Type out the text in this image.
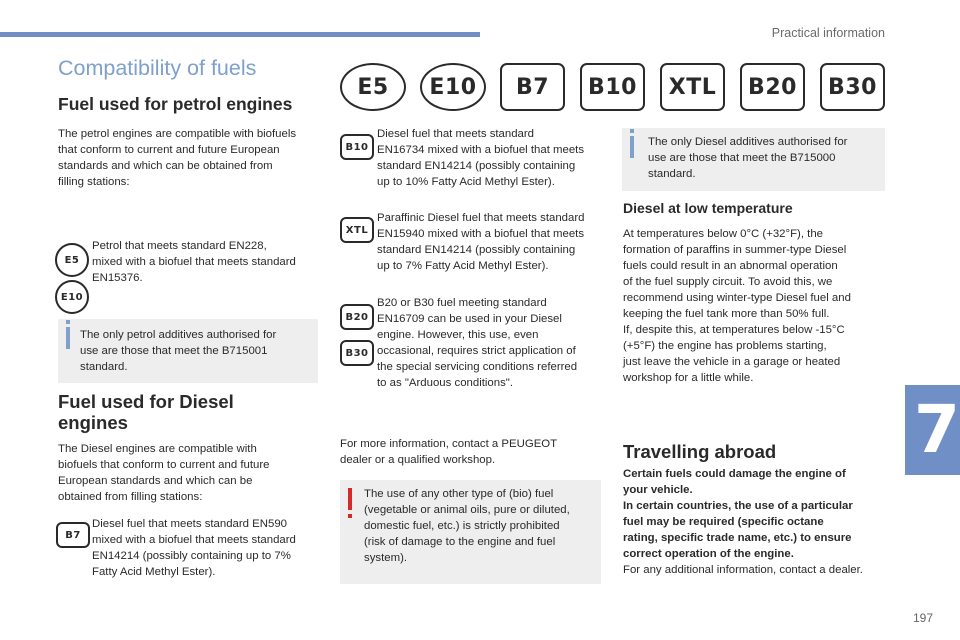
Practical information
7
Compatibility of fuels
Fuel used for petrol engines
The petrol engines are compatible with biofuels
that conform to current and future European
standards and which can be obtained from
filling stations:
E5
E10
Petrol that meets standard EN228,
mixed with a biofuel that meets standard
EN15376.
The only petrol additives authorised for
use are those that meet the B715001
standard.
Fuel used for Diesel
engines
The Diesel engines are compatible with
biofuels that conform to current and future
European standards and which can be
obtained from filling stations:
B7
Diesel fuel that meets standard EN590
mixed with a biofuel that meets standard
EN14214 (possibly containing up to 7%
Fatty Acid Methyl Ester).
E5	E10	B7	B10	XTL	B20	B30
B10
Diesel fuel that meets standard
EN16734 mixed with a biofuel that meets
standard EN14214 (possibly containing
up to 10% Fatty Acid Methyl Ester).
XTL
Paraffinic Diesel fuel that meets standard
EN15940 mixed with a biofuel that meets
standard EN14214 (possibly containing
up to 7% Fatty Acid Methyl Ester).
B20
B30
B20 or B30 fuel meeting standard
EN16709 can be used in your Diesel
engine. However, this use, even
occasional, requires strict application of
the special servicing conditions referred
to as "Arduous conditions".
For more information, contact a PEUGEOT
dealer or a qualified workshop.
The use of any other type of (bio) fuel
(vegetable or animal oils, pure or diluted,
domestic fuel, etc.) is strictly prohibited
(risk of damage to the engine and fuel
system).
The only Diesel additives authorised for
use are those that meet the B715000
standard.
Diesel at low temperature
At temperatures below 0°C (+32°F), the
formation of paraffins in summer-type Diesel
fuels could result in an abnormal operation
of the fuel supply circuit. To avoid this, we
recommend using winter-type Diesel fuel and
keeping the fuel tank more than 50% full.
If, despite this, at temperatures below -15°C
(+5°F) the engine has problems starting,
just leave the vehicle in a garage or heated
workshop for a little while.
Travelling abroad
Certain fuels could damage the engine of
your vehicle.
In certain countries, the use of a particular
fuel may be required (specific octane
rating, specific trade name, etc.) to ensure
correct operation of the engine.
For any additional information, contact a dealer.
197
